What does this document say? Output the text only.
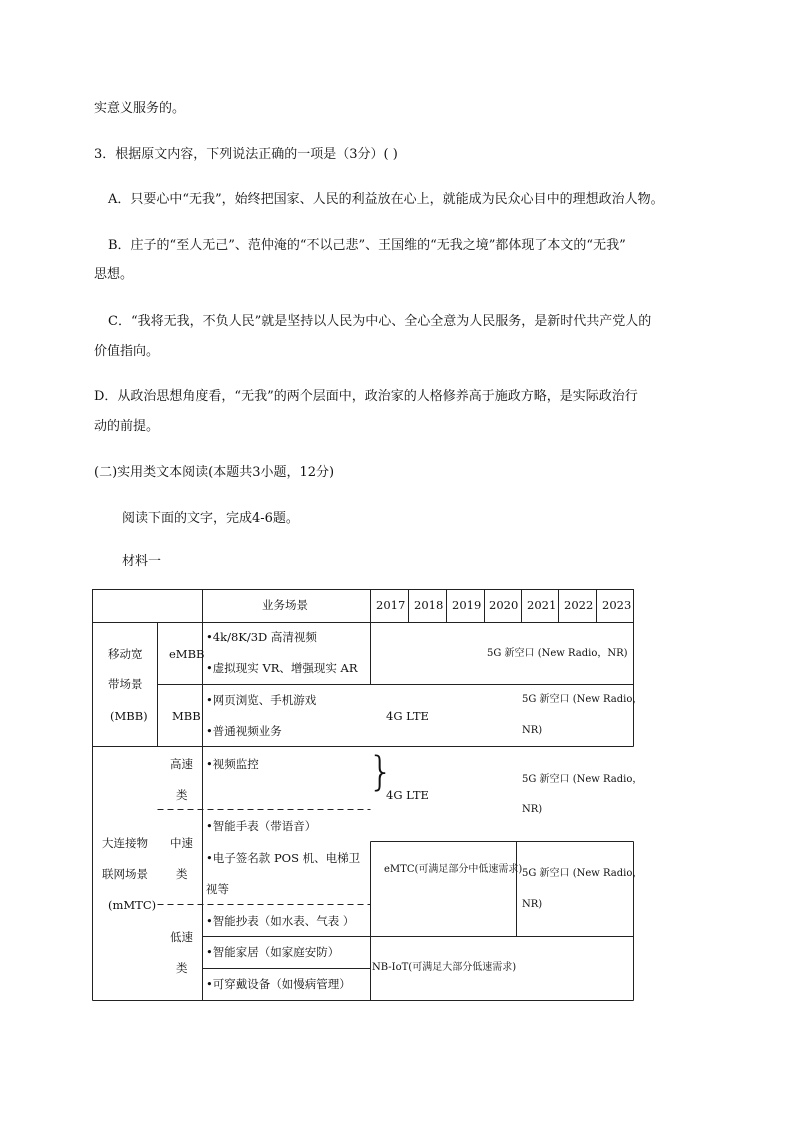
实意义服务的。
3．根据原文内容，下列说法正确的一项是（3分）( )
A．只要心中“无我”，始终把国家、人民的利益放在心上，就能成为民众心目中的理想政治人物。
B．庄子的“至人无己”、范仲淹的“不以己悲”、王国维的“无我之境”都体现了本文的“无我”
思想。
C．“我将无我，不负人民”就是坚持以人民为中心、全心全意为人民服务，是新时代共产党人的
价值指向。
D．从政治思想角度看，“无我”的两个层面中，政治家的人格修养高于施政方略，是实际政治行
动的前提。
(二)实用类文本阅读(本题共3小题，12分)
阅读下面的文字，完成4-6题。
材料一
业务场景	2017 2018 2019 2020 2021 2022 2023
移动宽
带场景
(MBB)
eMBB
•4k/8K/3D 高清视频
•虚拟现实 VR、增强现实 AR
5G 新空口 (New Radio，NR)
MBB
•网页浏览、手机游戏
•普通视频业务
4G LTE
5G 新空口 (New Radio，
NR)
大连接物
联网场景
(mMTC)
高速
类
•视频监控	}
4G LTE
5G 新空口 (New Radio，
NR)
中速
类
•智能手表（带语音）
•电子签名款 POS 机、电梯卫
视等
eMTC(可满足部分中低速需求) 5G 新空口 (New Radio，
NR)
低速
类
•智能抄表（如水表、气表 ）
•智能家居（如家庭安防）
•可穿戴设备（如慢病管理）
NB-IoT(可满足大部分低速需求)
